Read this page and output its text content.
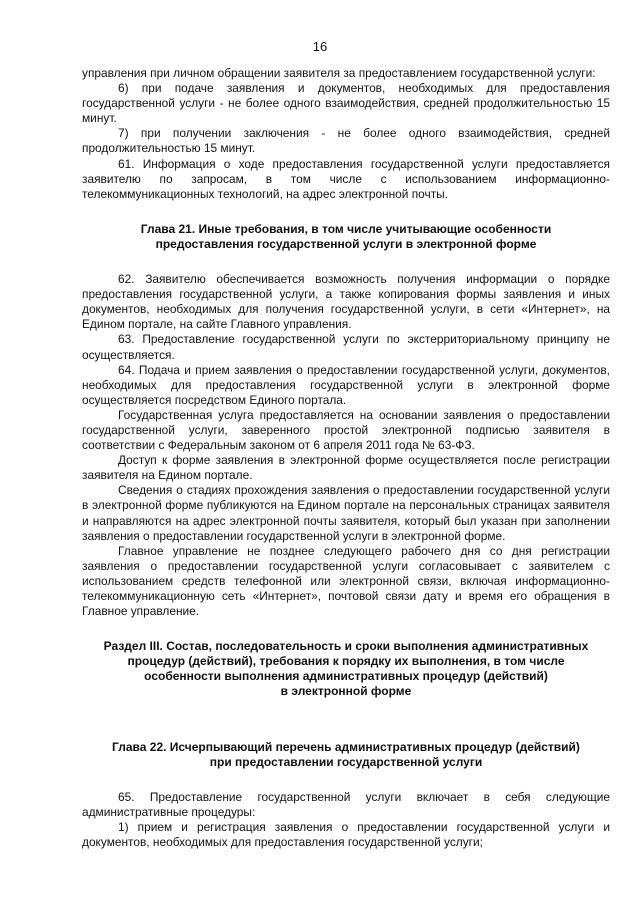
16

управления при личном обращении заявителя за предоставлением государственной услуги:

6) при подаче заявления и документов, необходимых для предоставления государственной услуги - не более одного взаимодействия, средней продолжительностью 15 минут.

7) при получении заключения - не более одного взаимодействия, средней продолжительностью 15 минут.

61. Информация о ходе предоставления государственной услуги предоставляется заявителю по запросам, в том числе с использованием информационно-телекоммуникационных технологий, на адрес электронной почты.

Глава 21. Иные требования, в том числе учитывающие особенности
предоставления государственной услуги в электронной форме

62. Заявителю обеспечивается возможность получения информации о порядке предоставления государственной услуги, а также копирования формы заявления и иных документов, необходимых для получения государственной услуги, в сети «Интернет», на Едином портале, на сайте Главного управления.

63. Предоставление государственной услуги по экстерриториальному принципу не осуществляется.

64. Подача и прием заявления о предоставлении государственной услуги, документов, необходимых для предоставления государственной услуги в электронной форме осуществляется посредством Единого портала.

Государственная услуга предоставляется на основании заявления о предоставлении государственной услуги, заверенного простой электронной подписью заявителя в соответствии с Федеральным законом от 6 апреля 2011 года № 63-ФЗ.

Доступ к форме заявления в электронной форме осуществляется после регистрации заявителя на Едином портале.

Сведения о стадиях прохождения заявления о предоставлении государственной услуги в электронной форме публикуются на Едином портале на персональных страницах заявителя и направляются на адрес электронной почты заявителя, который был указан при заполнении заявления о предоставлении государственной услуги в электронной форме.

Главное управление не позднее следующего рабочего дня со дня регистрации заявления о предоставлении государственной услуги согласовывает с заявителем с использованием средств телефонной или электронной связи, включая информационно-телекоммуникационную сеть «Интернет», почтовой связи дату и время его обращения в Главное управление.

Раздел III. Состав, последовательность и сроки выполнения административных
процедур (действий), требования к порядку их выполнения, в том числе
особенности выполнения административных процедур (действий)
в электронной форме
Глава 22. Исчерпывающий перечень административных процедур (действий)
при предоставлении государственной услуги

65. Предоставление государственной услуги включает в себя следующие административные процедуры:

1) прием и регистрация заявления о предоставлении государственной услуги и документов, необходимых для предоставления государственной услуги;
